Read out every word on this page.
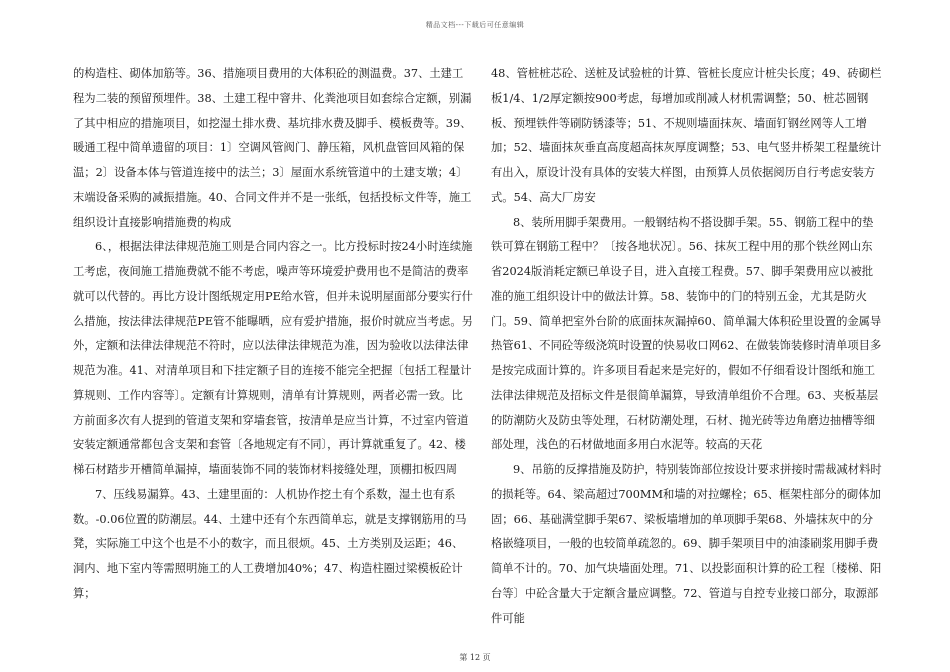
精品文档---下载后可任意编辑

的构造柱、砌体加筋等。36、措施项目费用的大体积砼的测温费。37、土建工程为二装的预留预埋件。38、土建工程中窨井、化粪池项目如套综合定额，别漏了其中相应的措施项目，如挖湿土排水费、基坑排水费及脚手、模板费等。39、暖通工程中简单遗留的项目：1〕空调风管阀门、静压箱，风机盘管回风箱的保温；2〕设备本体与管道连接中的法兰；3〕屋面水系统管道中的土建支墩；4〕末端设备采购的减振措施。40、合同文件并不是一张纸，包括投标文件等，施工组织设计直接影响措施费的构成

6、，根据法律法律规范施工则是合同内容之一。比方投标时按24小时连续施工考虑，夜间施工措施费就不能不考虑，噪声等环境爱护费用也不是简洁的费率就可以代替的。再比方设计图纸规定用PE给水管，但并未说明屋面部分要实行什么措施，按法律法律规范PE管不能曝晒，应有爱护措施，报价时就应当考虑。另外，定额和法律法律规范不符时，应以法律法律规范为准，因为验收以法律法律规范为准。41、对清单项目和下挂定额子目的连接不能完全把握〔包括工程量计算规则、工作内容等〕。定额有计算规则，清单有计算规则，两者必需一致。比方前面多次有人提到的管道支架和穿墙套管，按清单是应当计算，不过室内管道安装定额通常都包含支架和套管〔各地规定有不同〕，再计算就重复了。42、楼梯石材踏步开槽简单漏掉，墙面装饰不同的装饰材料接缝处理，顶棚扣板四周

7、压线易漏算。43、土建里面的：人机协作挖土有个系数，湿土也有系数。-0.06位置的防潮层。44、土建中还有个东西简单忘，就是支撑钢筋用的马凳，实际施工中这个也是不小的数字，而且很烦。45、土方类别及运距；46、洞内、地下室内等需照明施工的人工费增加40%；47、构造柱圈过梁模板砼计算；

48、管桩桩芯砼、送桩及试验桩的计算、管桩长度应计桩尖长度；49、砖砌栏板1/4、1/2厚定额按900考虑，每增加或削减人材机需调整；50、桩芯圆钢板、预埋铁件等刷防锈漆等；51、不规则墙面抹灰、墙面钉钢丝网等人工增加；52、墙面抹灰垂直高度超高抹灰厚度调整；53、电气竖井桥架工程量统计有出入，原设计没有具体的安装大样图，由预算人员依据阅历自行考虑安装方式。54、高大厂房安

8、装所用脚手架费用。一般钢结构不搭设脚手架。55、钢筋工程中的垫铁可算在钢筋工程中？〔按各地状况〕。56、抹灰工程中用的那个铁丝网山东省2024版消耗定额已单设子目，进入直接工程费。57、脚手架费用应以被批准的施工组织设计中的做法计算。58、装饰中的门的特别五金，尤其是防火门。59、简单把室外台阶的底面抹灰漏掉60、简单漏大体积砼里设置的金属导热管61、不同砼等级浇筑时设置的快易收口网62、在做装饰装修时清单项目多是按完成面计算的。许多项目看起来是完好的，假如不仔细看设计图纸和施工法律法律规范及招标文件是很简单漏算，导致清单组价不合理。63、夹板基层的防潮防火及防虫等处理，石材防潮处理，石材、抛光砖等边角磨边抽槽等细部处理，浅色的石材做地面多用白水泥等。较高的天花

9、吊筋的反撑措施及防护，特别装饰部位按设计要求拼接时需裁减材料时的损耗等。64、梁高超过700MM和墙的对拉螺栓；65、框架柱部分的砌体加固；66、基础满堂脚手架67、梁板墙增加的单项脚手架68、外墙抹灰中的分格嵌缝项目，一般的也较简单疏忽的。69、脚手架项目中的油漆刷浆用脚手费简单不计的。70、加气块墙面处理。71、以投影面积计算的砼工程〔楼梯、阳台等〕中砼含量大于定额含量应调整。72、管道与自控专业接口部分，取源部件可能

第 12 页
